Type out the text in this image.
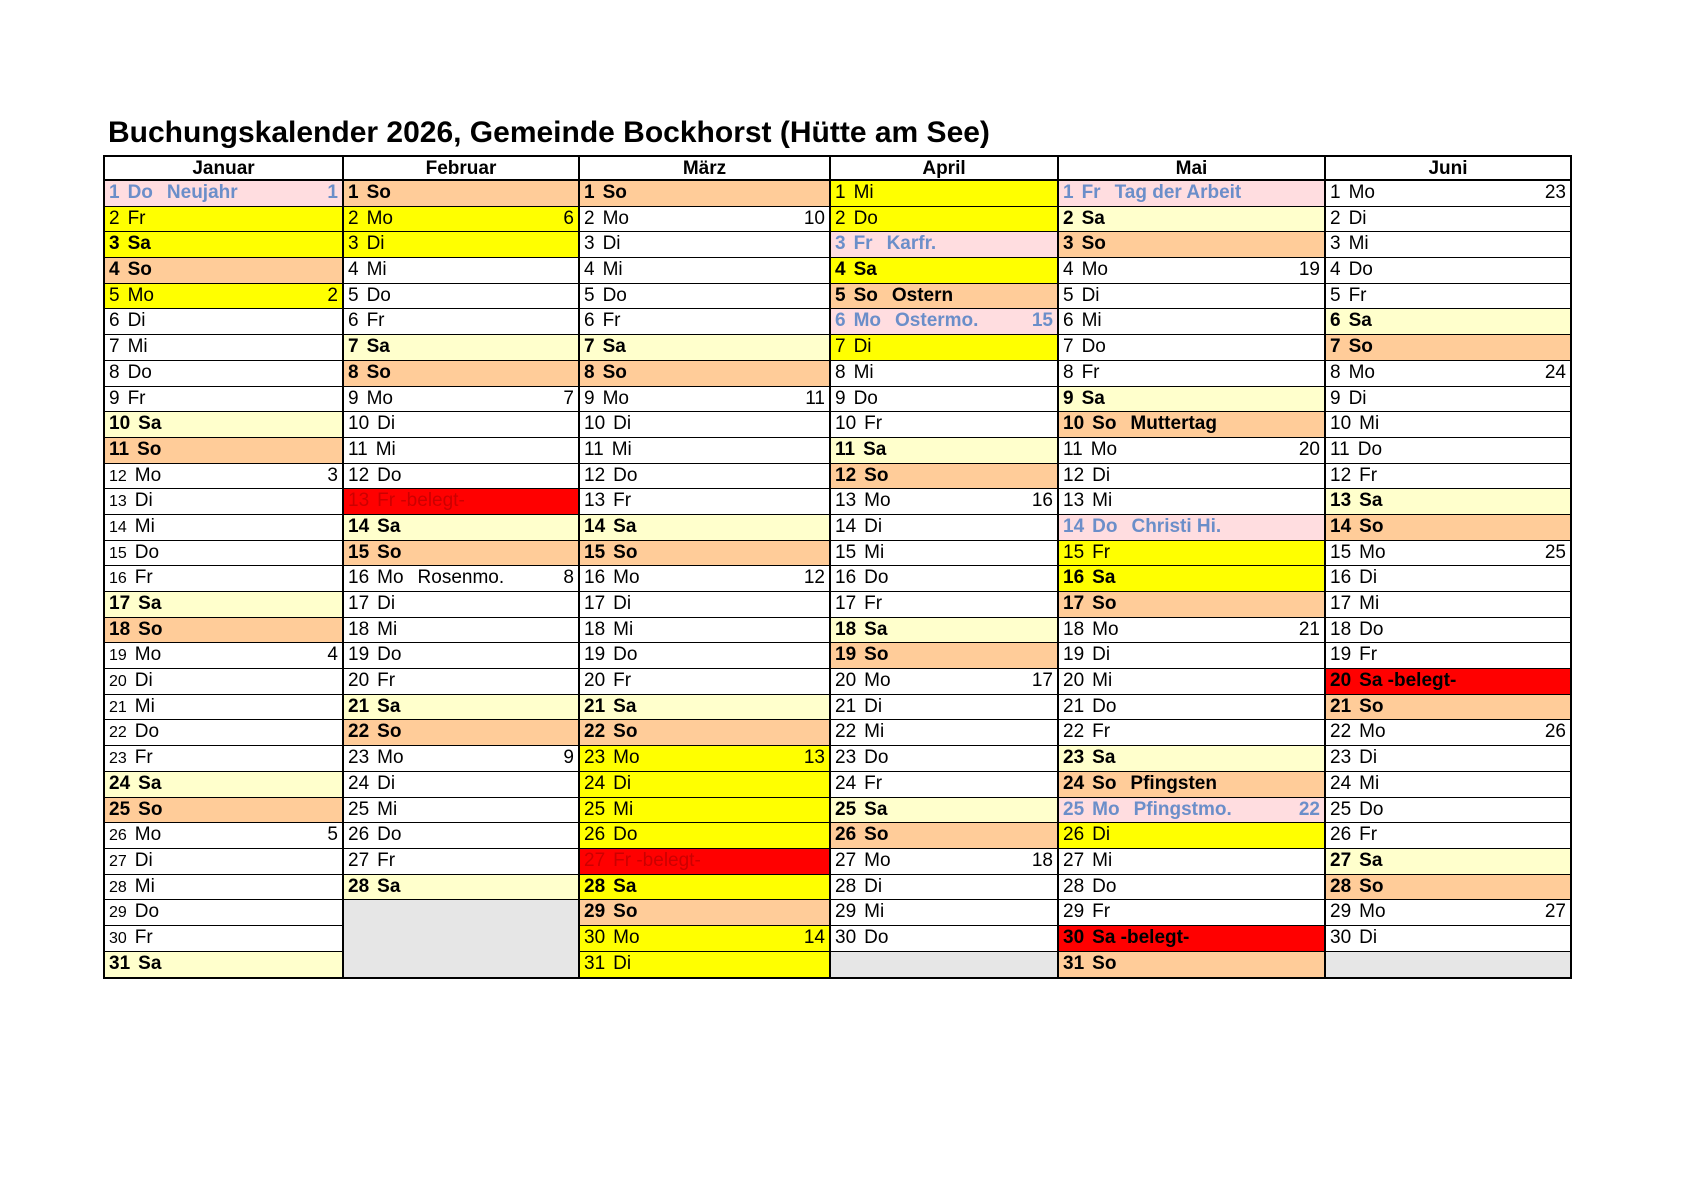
Buchungskalender 2026, Gemeinde Bockhorst (Hütte am See)
Januar
1 Do Neujahr	1
2 Fr
3 Sa
4 So
5 Mo	2
6 Di
7 Mi
8 Do
9 Fr
10 Sa
11 So
12 Mo	3
13 Di
14 Mi
15 Do
16 Fr
17 Sa
18 So
19 Mo	4
20 Di
21 Mi
22 Do
23 Fr
24 Sa
25 So
26 Mo	5
27 Di
28 Mi
29 Do
30 Fr
31 Sa
Februar
1 So
2 Mo	6
3 Di
4 Mi
5 Do
6 Fr
7 Sa
8 So
9 Mo	7
10 Di
11 Mi
12 Do
13 Fr -belegt-
14 Sa
15 So
16 Mo Rosenmo.	8
17 Di
18 Mi
19 Do
20 Fr
21 Sa
22 So
23 Mo	9
24 Di
25 Mi
26 Do
27 Fr
28 Sa
März
1 So
2 Mo	10
3 Di
4 Mi
5 Do
6 Fr
7 Sa
8 So
9 Mo	11
10 Di
11 Mi
12 Do
13 Fr
14 Sa
15 So
16 Mo	12
17 Di
18 Mi
19 Do
20 Fr
21 Sa
22 So
23 Mo	13
24 Di
25 Mi
26 Do
27 Fr -belegt-
28 Sa
29 So
30 Mo	14
31 Di
April
1 Mi
2 Do
3 Fr Karfr.
4 Sa
5 So Ostern
6 Mo Ostermo.	15
7 Di
8 Mi
9 Do
10 Fr
11 Sa
12 So
13 Mo	16
14 Di
15 Mi
16 Do
17 Fr
18 Sa
19 So
20 Mo	17
21 Di
22 Mi
23 Do
24 Fr
25 Sa
26 So
27 Mo	18
28 Di
29 Mi
30 Do
Mai
1 Fr Tag der Arbeit
2 Sa
3 So
4 Mo	19
5 Di
6 Mi
7 Do
8 Fr
9 Sa
10 So Muttertag
11 Mo	20
12 Di
13 Mi
14 Do Christi Hi.
15 Fr
16 Sa
17 So
18 Mo	21
19 Di
20 Mi
21 Do
22 Fr
23 Sa
24 So Pfingsten
25 Mo Pfingstmo.	22
26 Di
27 Mi
28 Do
29 Fr
30 Sa -belegt-
31 So
Juni
1 Mo	23
2 Di
3 Mi
4 Do
5 Fr
6 Sa
7 So
8 Mo	24
9 Di
10 Mi
11 Do
12 Fr
13 Sa
14 So
15 Mo	25
16 Di
17 Mi
18 Do
19 Fr
20 Sa -belegt-
21 So
22 Mo	26
23 Di
24 Mi
25 Do
26 Fr
27 Sa
28 So
29 Mo	27
30 Di
